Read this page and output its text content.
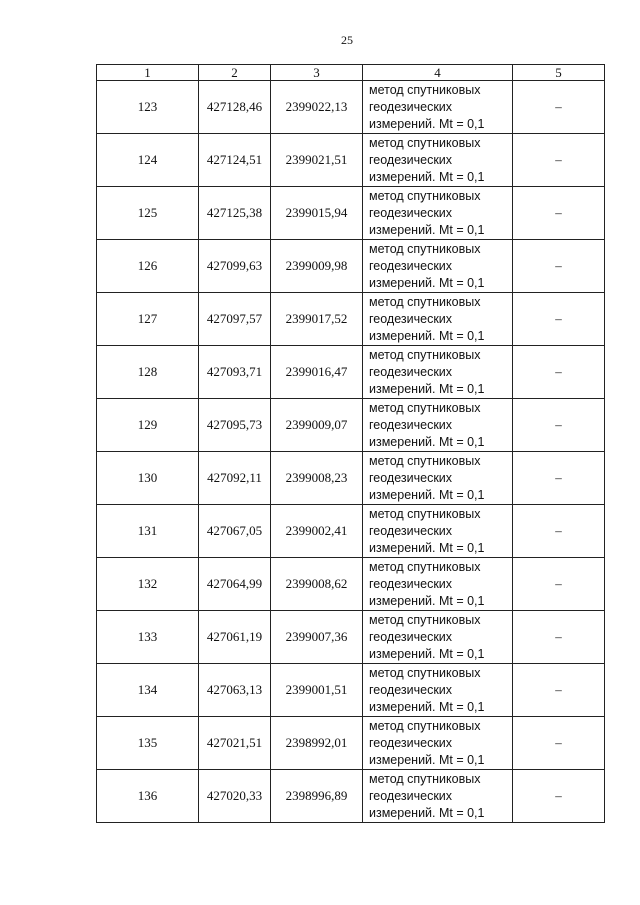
25
1	2	3	4	5
123	427128,46	2399022,13	метод спутниковых
геодезических
измерений. Mt = 0,1	–
124	427124,51	2399021,51	метод спутниковых
геодезических
измерений. Mt = 0,1	–
125	427125,38	2399015,94	метод спутниковых
геодезических
измерений. Mt = 0,1	–
126	427099,63	2399009,98	метод спутниковых
геодезических
измерений. Mt = 0,1	–
127	427097,57	2399017,52	метод спутниковых
геодезических
измерений. Mt = 0,1	–
128	427093,71	2399016,47	метод спутниковых
геодезических
измерений. Mt = 0,1	–
129	427095,73	2399009,07	метод спутниковых
геодезических
измерений. Mt = 0,1	–
130	427092,11	2399008,23	метод спутниковых
геодезических
измерений. Mt = 0,1	–
131	427067,05	2399002,41	метод спутниковых
геодезических
измерений. Mt = 0,1	–
132	427064,99	2399008,62	метод спутниковых
геодезических
измерений. Mt = 0,1	–
133	427061,19	2399007,36	метод спутниковых
геодезических
измерений. Mt = 0,1	–
134	427063,13	2399001,51	метод спутниковых
геодезических
измерений. Mt = 0,1	–
135	427021,51	2398992,01	метод спутниковых
геодезических
измерений. Mt = 0,1	–
136	427020,33	2398996,89	метод спутниковых
геодезических
измерений. Mt = 0,1	–
